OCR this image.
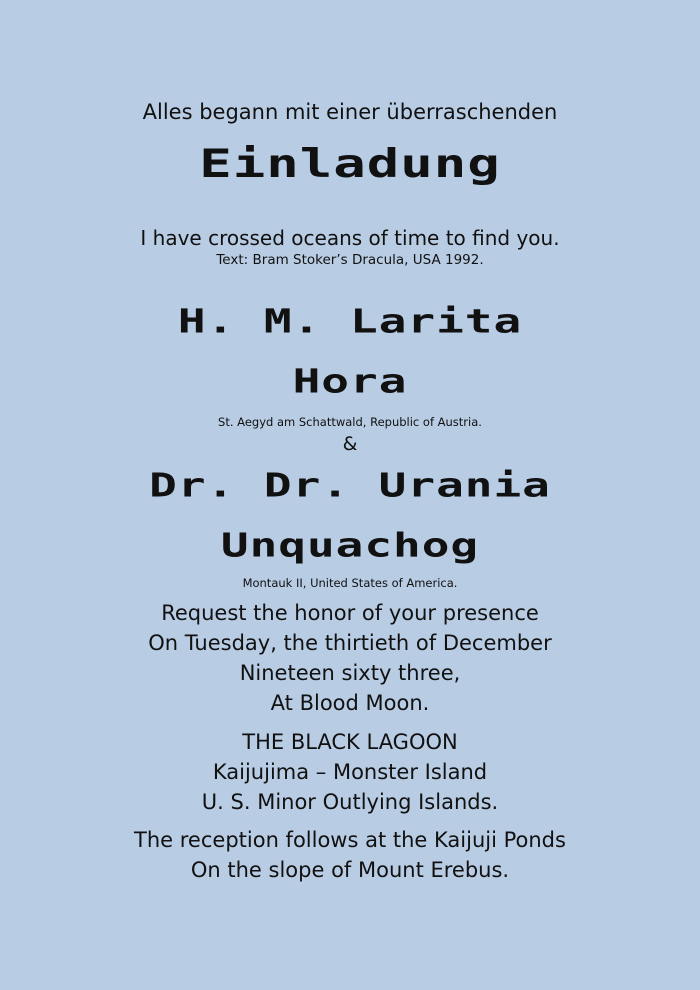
Alles begann mit einer überraschenden
Einladung
I have crossed oceans of time to find you.
Text: Bram Stoker’s Dracula, USA 1992.
H. M. Larita
Hora
St. Aegyd am Schattwald, Republic of Austria.
&
Dr. Dr. Urania
Unquachog
Montauk II, United States of America.
Request the honor of your presence
On Tuesday, the thirtieth of December
Nineteen sixty three,
At Blood Moon.
THE BLACK LAGOON
Kaijujima – Monster Island
U. S. Minor Outlying Islands.
The reception follows at the Kaijuji Ponds
On the slope of Mount Erebus.
